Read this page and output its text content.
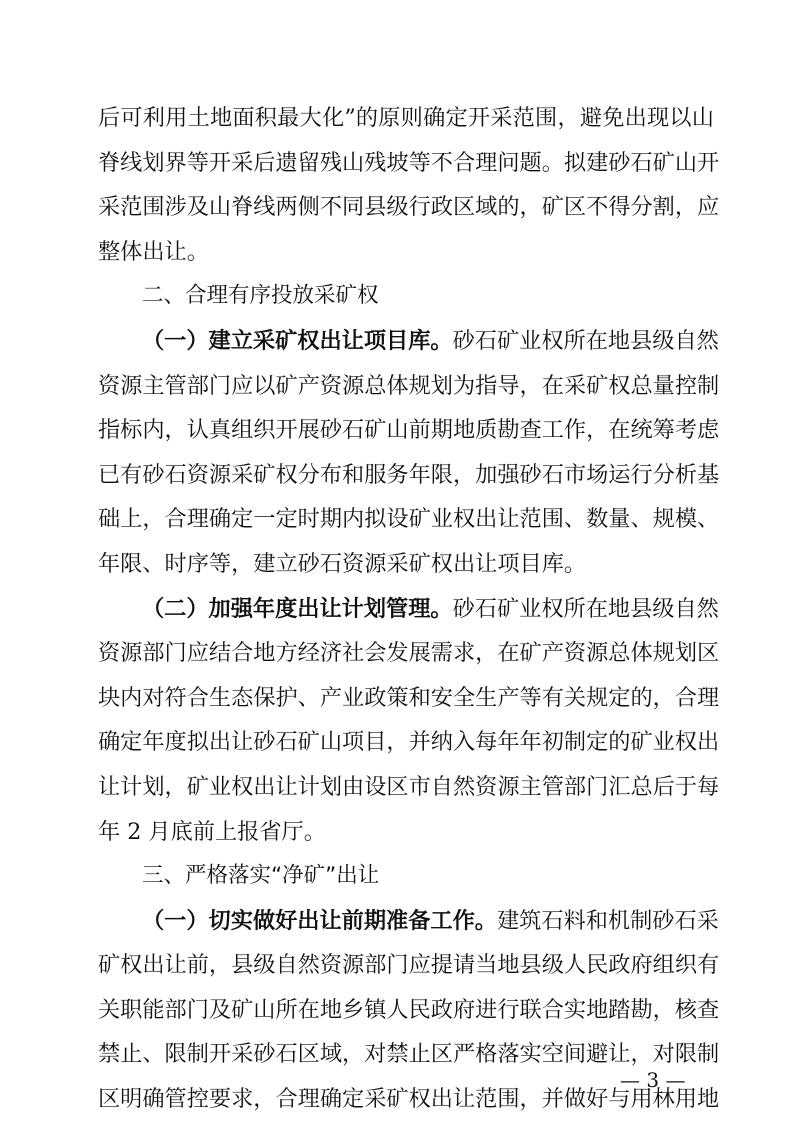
后可利用土地面积最大化”的原则确定开采范围，避免出现以山
脊线划界等开采后遗留残山残坡等不合理问题。拟建砂石矿山开
采范围涉及山脊线两侧不同县级行政区域的，矿区不得分割，应
整体出让。
二、合理有序投放采矿权
（一）建立采矿权出让项目库。砂石矿业权所在地县级自然
资源主管部门应以矿产资源总体规划为指导，在采矿权总量控制
指标内，认真组织开展砂石矿山前期地质勘查工作，在统筹考虑
已有砂石资源采矿权分布和服务年限，加强砂石市场运行分析基
础上，合理确定一定时期内拟设矿业权出让范围、数量、规模、
年限、时序等，建立砂石资源采矿权出让项目库。
（二）加强年度出让计划管理。砂石矿业权所在地县级自然
资源部门应结合地方经济社会发展需求，在矿产资源总体规划区
块内对符合生态保护、产业政策和安全生产等有关规定的，合理
确定年度拟出让砂石矿山项目，并纳入每年年初制定的矿业权出
让计划，矿业权出让计划由设区市自然资源主管部门汇总后于每
年 2 月底前上报省厅。
三、严格落实“净矿”出让
（一）切实做好出让前期准备工作。建筑石料和机制砂石采
矿权出让前，县级自然资源部门应提请当地县级人民政府组织有
关职能部门及矿山所在地乡镇人民政府进行联合实地踏勘，核查
禁止、限制开采砂石区域，对禁止区严格落实空间避让，对限制
区明确管控要求，合理确定采矿权出让范围，并做好与用林用地
— 3 —
